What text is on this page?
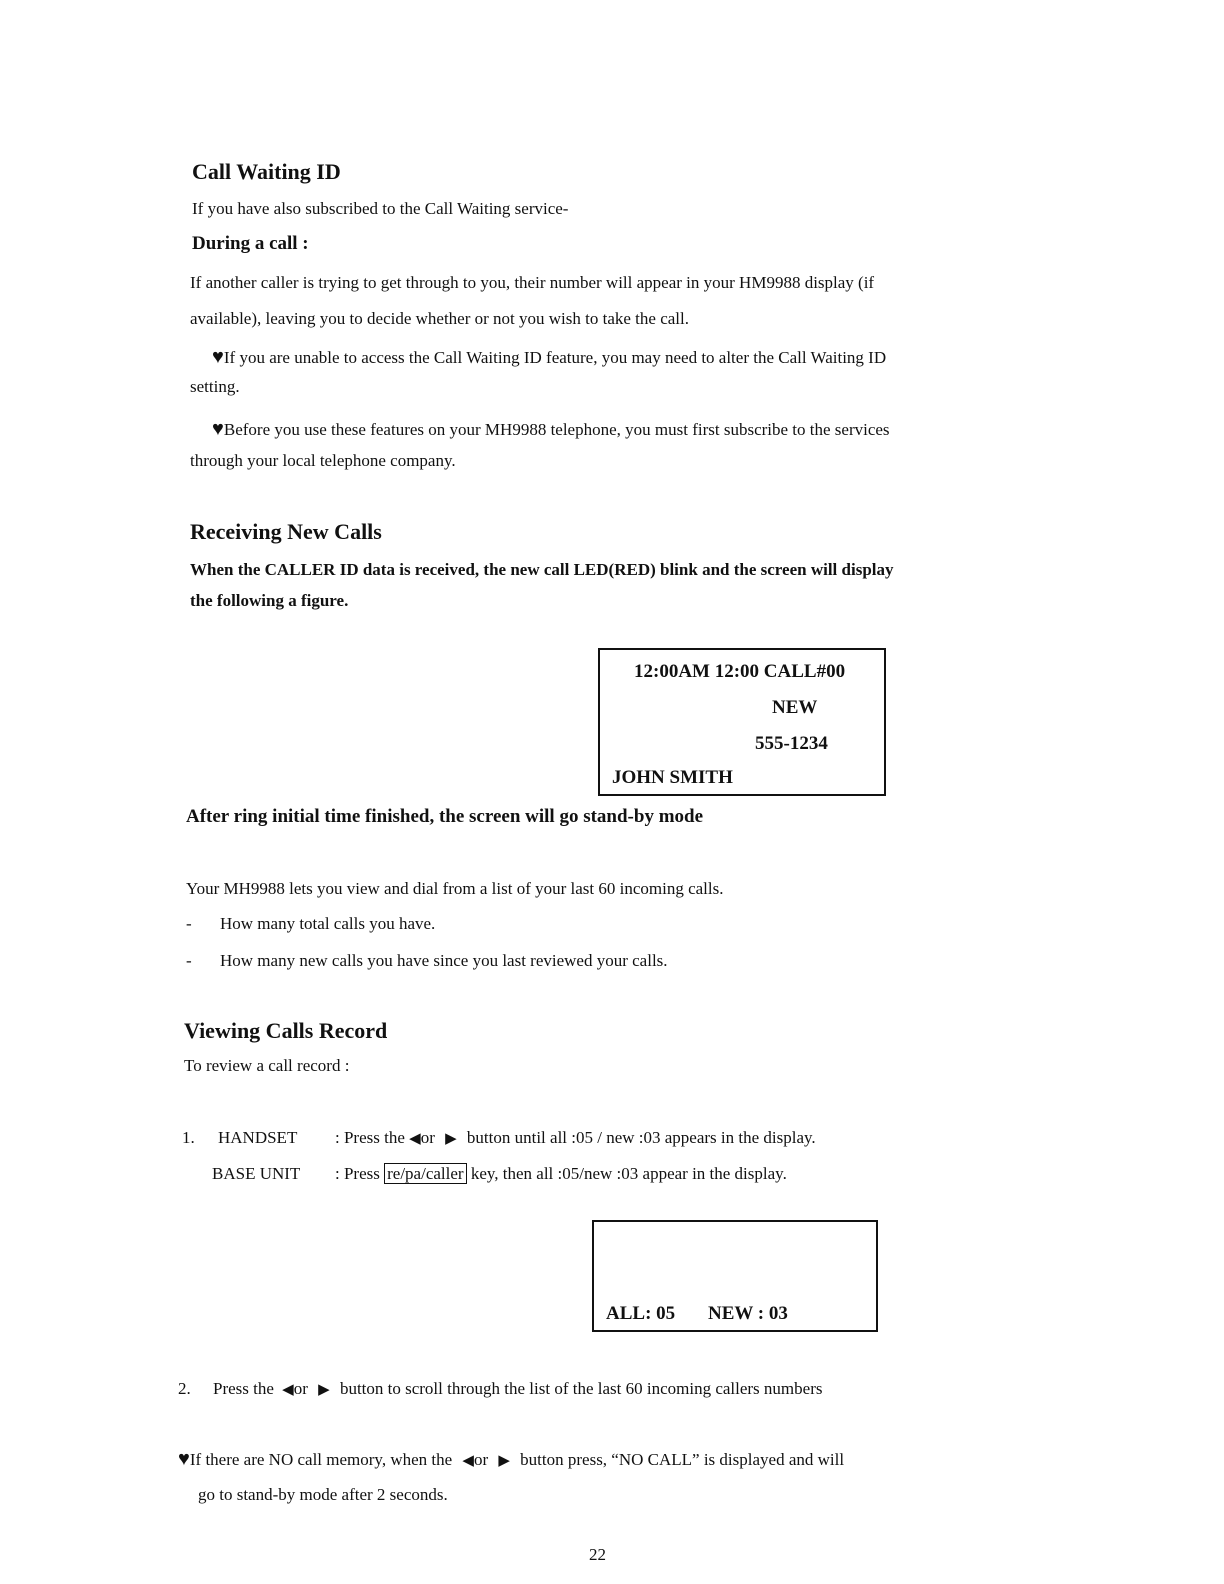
Call Waiting ID
If you have also subscribed to the Call Waiting service-
During a call :
If another caller is trying to get through to you, their number will appear in your HM9988 display (if
available), leaving you to decide whether or not you wish to take the call.
♥If you are unable to access the Call Waiting ID feature, you may need to alter the Call Waiting ID
setting.
♥Before you use these features on your MH9988 telephone, you must first subscribe to the services
through your local telephone company.
Receiving New Calls
When the CALLER ID data is received, the new call LED(RED) blink and the screen will display
the following a figure.
12:00AM 12:00 CALL#00
NEW
555-1234
JOHN SMITH
After ring initial time finished, the screen will go stand-by mode
Your MH9988 lets you view and dial from a list of your last 60 incoming calls.
- How many total calls you have.
- How many new calls you have since you last reviewed your calls.
Viewing Calls Record
To review a call record :
1. HANDSET : Press the ◀or ▶ button until all :05 / new :03 appears in the display.
BASE UNIT : Press re/pa/caller key, then all :05/new :03 appear in the display.
ALL: 05 NEW : 03
2. Press the ◀or ▶ button to scroll through the list of the last 60 incoming callers numbers
♥If there are NO call memory, when the ◀or ▶ button press, “NO CALL” is displayed and will
go to stand-by mode after 2 seconds.
22
